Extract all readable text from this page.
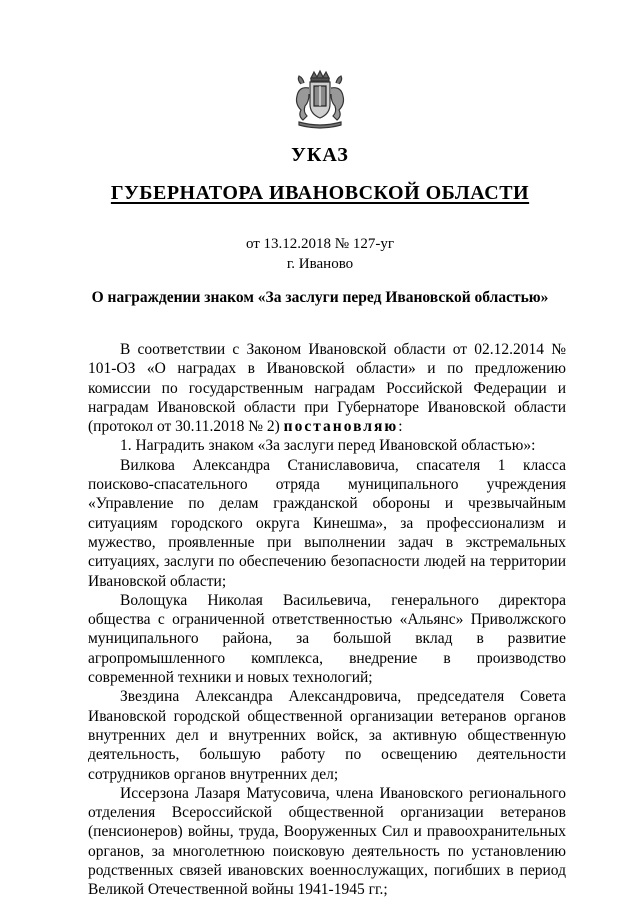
УКАЗ
ГУБЕРНАТОРА ИВАНОВСКОЙ ОБЛАСТИ
от 13.12.2018 № 127-уг
г. Иваново
О награждении знаком «За заслуги перед Ивановской областью»

В соответствии с Законом Ивановской области от 02.12.2014 № 101-ОЗ «О наградах в Ивановской области» и по предложению комиссии по государственным наградам Российской Федерации и наградам Ивановской области при Губернаторе Ивановской области (протокол от 30.11.2018 № 2) постановляю:

1. Наградить знаком «За заслуги перед Ивановской областью»:

Вилкова Александра Станиславовича, спасателя 1 класса поисково-спасательного отряда муниципального учреждения «Управление по делам гражданской обороны и чрезвычайным ситуациям городского округа Кинешма», за профессионализм и мужество, проявленные при выполнении задач в экстремальных ситуациях, заслуги по обеспечению безопасности людей на территории Ивановской области;

Волощука Николая Васильевича, генерального директора общества с ограниченной ответственностью «Альянс» Приволжского муниципального района, за большой вклад в развитие агропромышленного комплекса, внедрение в производство современной техники и новых технологий;

Звездина Александра Александровича, председателя Совета Ивановской городской общественной организации ветеранов органов внутренних дел и внутренних войск, за активную общественную деятельность, большую работу по освещению деятельности сотрудников органов внутренних дел;

Иссерзона Лазаря Матусовича, члена Ивановского регионального отделения Всероссийской общественной организации ветеранов (пенсионеров) войны, труда, Вооруженных Сил и правоохранительных органов, за многолетнюю поисковую деятельность по установлению родственных связей ивановских военнослужащих, погибших в период Великой Отечественной войны 1941-1945 гг.;
